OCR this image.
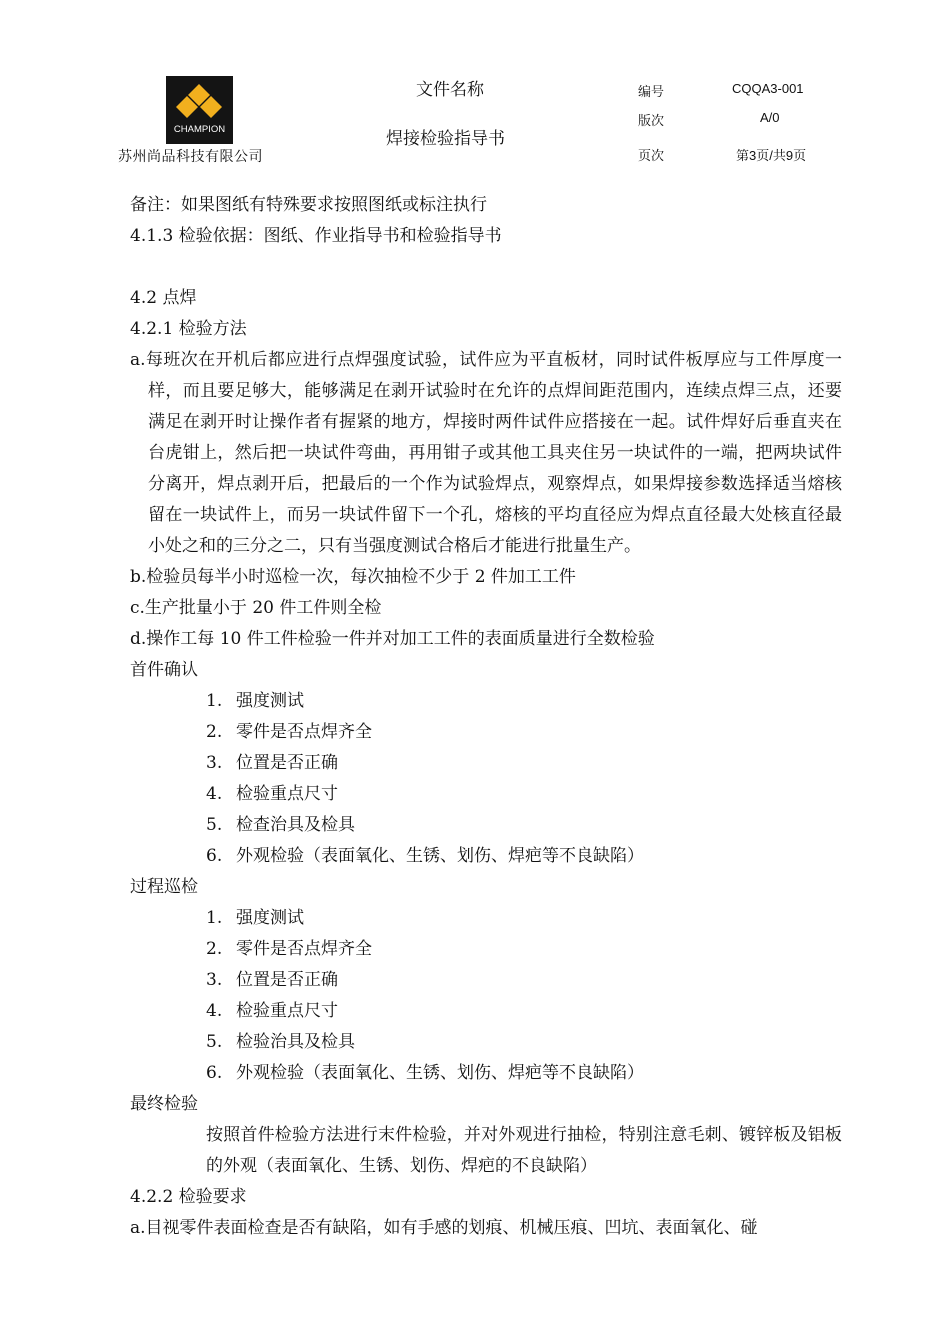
CHAMPION
苏州尚品科技有限公司
文件名称
焊接检验指导书
编号	CQQA3-001
版次	A/0
页次	第3页/共9页
备注：如果图纸有特殊要求按照图纸或标注执行
4.1.3 检验依据：图纸、作业指导书和检验指导书
4.2 点焊
4.2.1 检验方法
a.每班次在开机后都应进行点焊强度试验，试件应为平直板材，同时试件板厚应与工件厚度一样，而且要足够大，能够满足在剥开试验时在允许的点焊间距范围内，连续点焊三点，还要满足在剥开时让操作者有握紧的地方，焊接时两件试件应搭接在一起。试件焊好后垂直夹在台虎钳上，然后把一块试件弯曲，再用钳子或其他工具夹住另一块试件的一端，把两块试件分离开，焊点剥开后，把最后的一个作为试验焊点，观察焊点，如果焊接参数选择适当熔核留在一块试件上，而另一块试件留下一个孔，熔核的平均直径应为焊点直径最大处核直径最小处之和的三分之二，只有当强度测试合格后才能进行批量生产。
b.检验员每半小时巡检一次，每次抽检不少于 2 件加工工件
c.生产批量小于 20 件工件则全检
d.操作工每 10 件工件检验一件并对加工工件的表面质量进行全数检验
首件确认
1. 强度测试
2. 零件是否点焊齐全
3. 位置是否正确
4. 检验重点尺寸
5. 检查治具及检具
6. 外观检验（表面氧化、生锈、划伤、焊疤等不良缺陷）
过程巡检
1. 强度测试
2. 零件是否点焊齐全
3. 位置是否正确
4. 检验重点尺寸
5. 检验治具及检具
6. 外观检验（表面氧化、生锈、划伤、焊疤等不良缺陷）
最终检验
按照首件检验方法进行末件检验，并对外观进行抽检，特别注意毛刺、镀锌板及铝板的外观（表面氧化、生锈、划伤、焊疤的不良缺陷）
4.2.2 检验要求
a.目视零件表面检查是否有缺陷，如有手感的划痕、机械压痕、凹坑、表面氧化、碰
